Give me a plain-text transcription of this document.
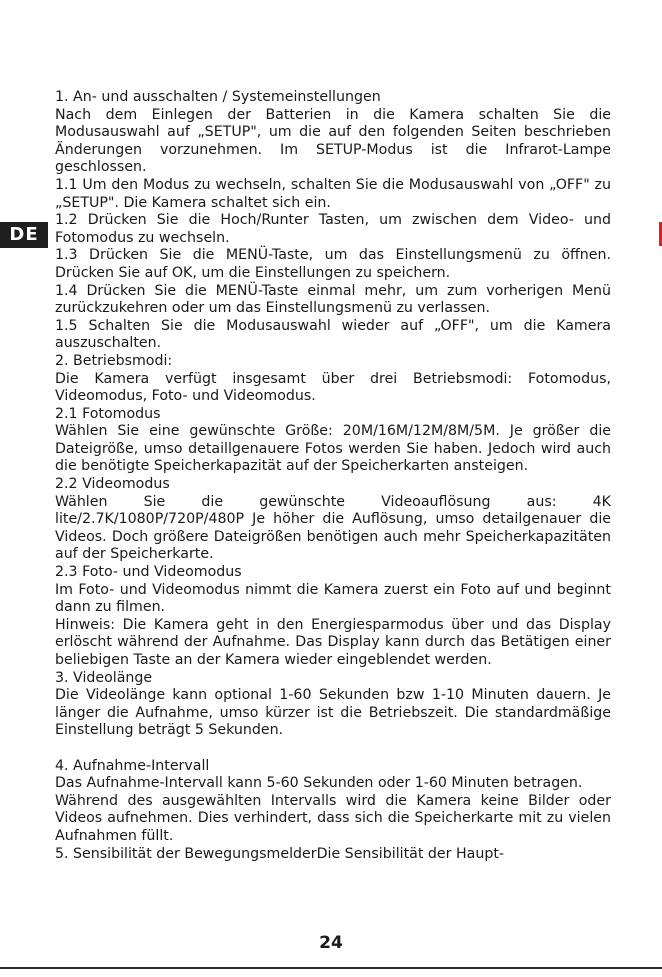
DE

1. An- und ausschalten / Systemeinstellungen

Nach dem Einlegen der Batterien in die Kamera schalten Sie die Modusauswahl auf „SETUP", um die auf den folgenden Seiten beschrieben Änderungen vorzunehmen. Im SETUP-Modus ist die Infrarot-Lampe geschlossen.

1.1 Um den Modus zu wechseln, schalten Sie die Modusauswahl von „OFF" zu „SETUP". Die Kamera schaltet sich ein.

1.2 Drücken Sie die Hoch/Runter Tasten, um zwischen dem Video- und Fotomodus zu wechseln.

1.3 Drücken Sie die MENÜ-Taste, um das Einstellungsmenü zu öffnen. Drücken Sie auf OK, um die Einstellungen zu speichern.

1.4 Drücken Sie die MENÜ-Taste einmal mehr, um zum vorherigen Menü zurückzukehren oder um das Einstellungsmenü zu verlassen.

1.5 Schalten Sie die Modusauswahl wieder auf „OFF", um die Kamera auszuschalten.

2. Betriebsmodi:

Die Kamera verfügt insgesamt über drei Betriebsmodi: Fotomodus, Videomodus, Foto- und Videomodus.

2.1 Fotomodus

Wählen Sie eine gewünschte Größe: 20M/16M/12M/8M/5M. Je größer die Dateigröße, umso detaillgenauere Fotos werden Sie haben. Jedoch wird auch die benötigte Speicherkapazität auf der Speicherkarten ansteigen.

2.2 Videomodus

Wählen Sie die gewünschte Videoauflösung aus: 4K lite/2.7K/1080P/720P/480P Je höher die Auflösung, umso detailgenauer die Videos. Doch größere Dateigrößen benötigen auch mehr Speicherkapazitäten auf der Speicherkarte.

2.3 Foto- und Videomodus

Im Foto- und Videomodus nimmt die Kamera zuerst ein Foto auf und beginnt dann zu filmen.

Hinweis: Die Kamera geht in den Energiesparmodus über und das Display erlöscht während der Aufnahme. Das Display kann durch das Betätigen einer beliebigen Taste an der Kamera wieder eingeblendet werden.

3. Videolänge

Die Videolänge kann optional 1-60 Sekunden bzw 1-10 Minuten dauern. Je länger die Aufnahme, umso kürzer ist die Betriebszeit. Die standardmäßige Einstellung beträgt 5 Sekunden.

4. Aufnahme-Intervall

Das Aufnahme-Intervall kann 5-60 Sekunden oder 1-60 Minuten betragen.

Während des ausgewählten Intervalls wird die Kamera keine Bilder oder Videos aufnehmen. Dies verhindert, dass sich die Speicherkarte mit zu vielen Aufnahmen füllt.

5. Sensibilität der BewegungsmelderDie Sensibilität der Haupt-

24
